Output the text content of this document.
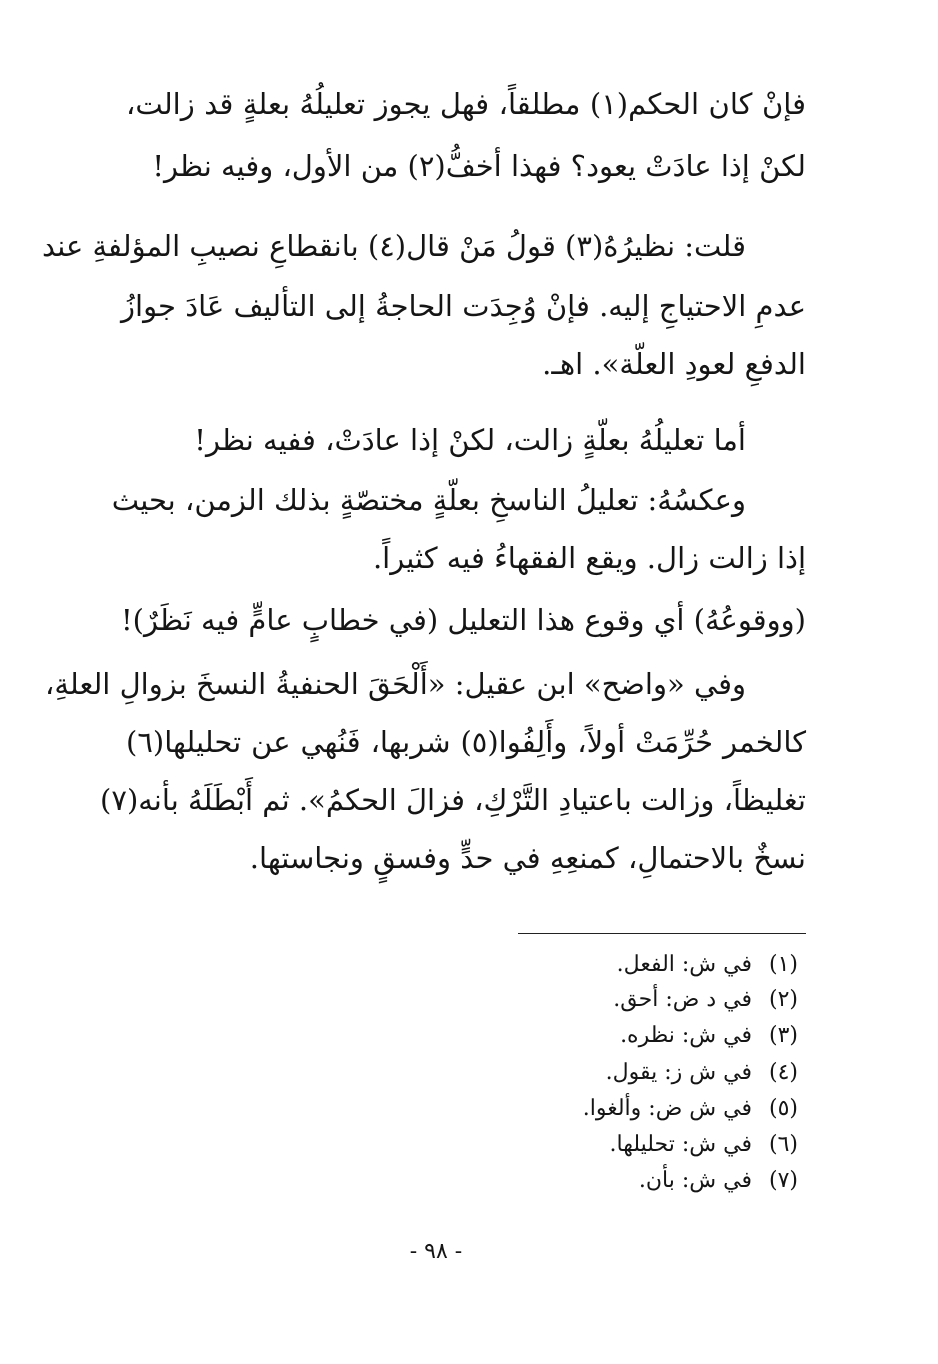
فإنْ كان الحكم(١) مطلقاً، فهل يجوز تعليلُهُ بعلةٍ قد زالت،
لكنْ إذا عادَتْ يعود؟ فهذا أخفُّ(٢) من الأول، وفيه نظر!
قلت: نظيرُهُ(٣) قولُ مَنْ قال(٤) بانقطاعِ نصيبِ المؤلفةِ عند
عدمِ الاحتياجِ إليه. فإنْ وُجِدَت الحاجةُ إلى التأليف عَادَ جوازُ
الدفعِ لعودِ العلّة». اهـ.
أما تعليلُهُ بعلّةٍ زالت، لكنْ إذا عادَتْ، ففيه نظر!
وعكسُهُ: تعليلُ الناسخِ بعلّةٍ مختصّةٍ بذلك الزمن، بحيث
إذا زالت زال. ويقع الفقهاءُ فيه كثيراً.
(ووقوعُهُ) أي وقوع هذا التعليل (في خطابٍ عامٍّ فيه نَظَرٌ)!
وفي «واضح» ابن عقيل: «أَلْحَقَ الحنفيةُ النسخَ بزوالِ العلةِ،
كالخمر حُرِّمَتْ أولاً، وأَلِفُوا(٥) شربها، فَنُهي عن تحليلها(٦)
تغليظاً، وزالت باعتيادِ التَّرْكِ، فزالَ الحكمُ». ثم أَبْطَلَهُ بأنه(٧)
نسخٌ بالاحتمالِ، كمنعِهِ في حدٍّ وفسقٍ ونجاستها.
(١)في ش: الفعل.
(٢)في د ض: أحق.
(٣)في ش: نظره.
(٤)في ش ز: يقول.
(٥)في ش ض: وألغوا.
(٦)في ش: تحليلها.
(٧)في ش: بأن.
- ٩٨ -
